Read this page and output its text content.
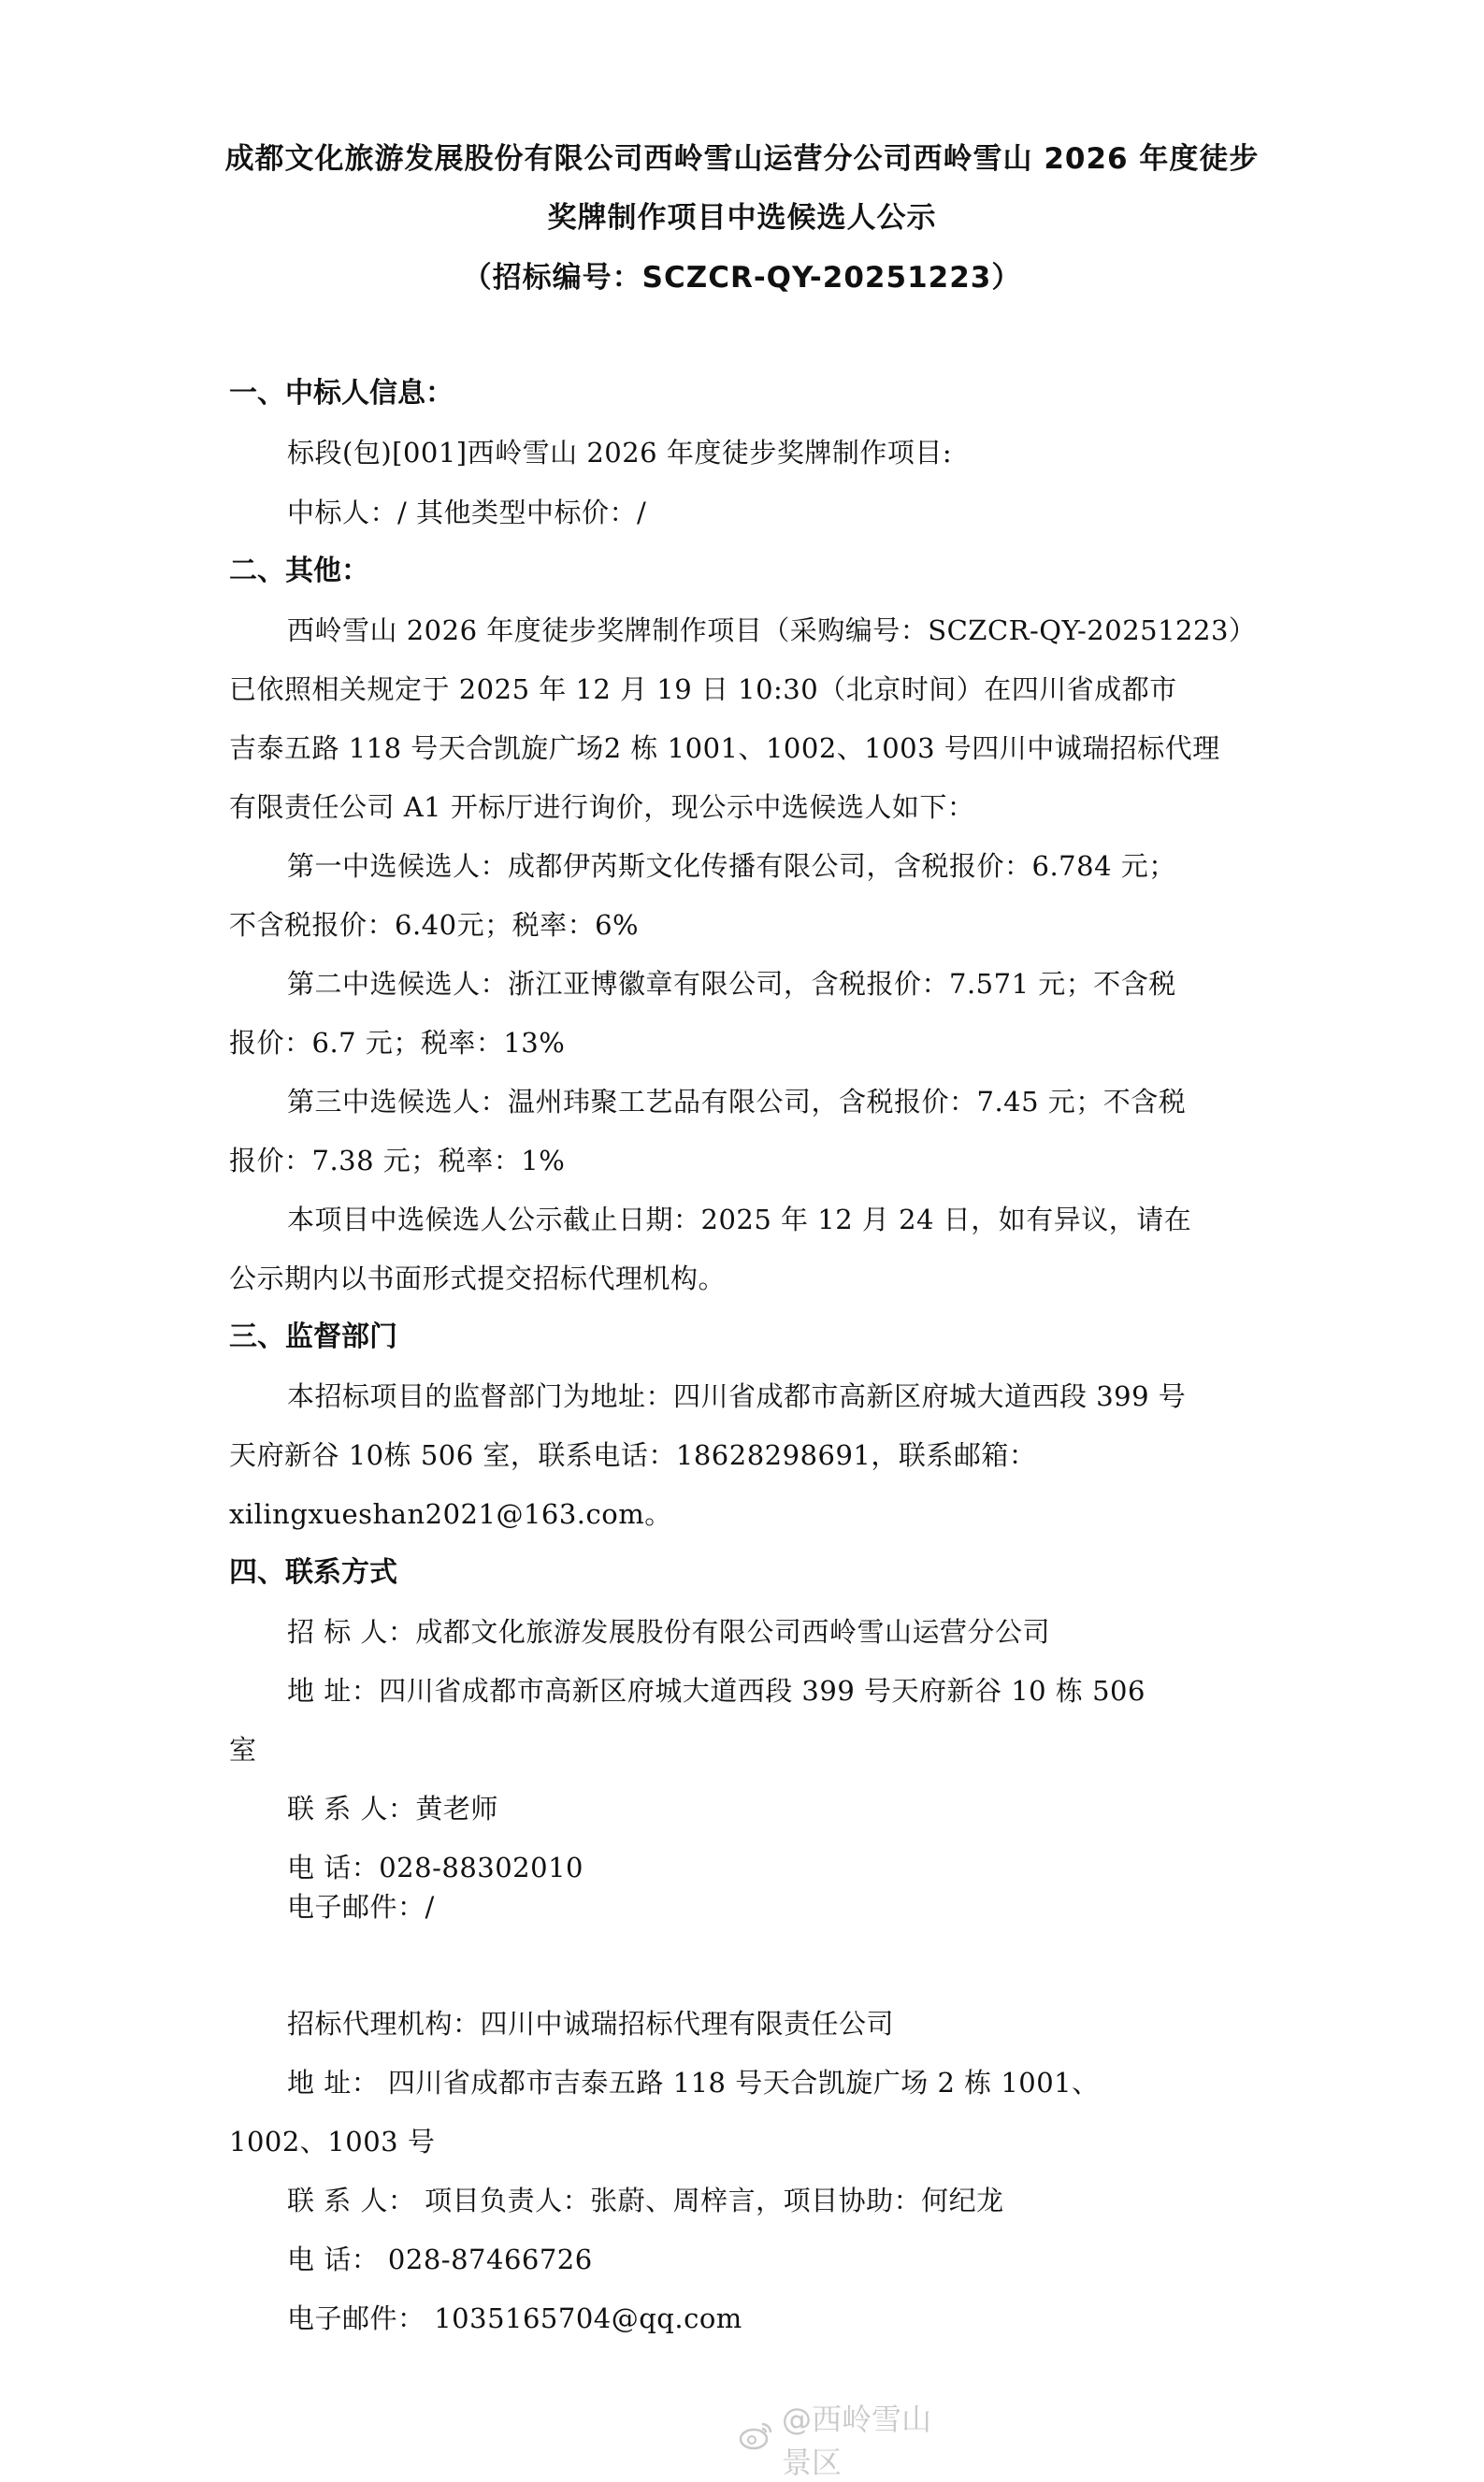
成都文化旅游发展股份有限公司西岭雪山运营分公司西岭雪山 2026 年度徒步
奖牌制作项目中选候选人公示
（招标编号：SCZCR-QY-20251223）
一、中标人信息：
标段(包)[001]西岭雪山 2026 年度徒步奖牌制作项目:
中标人：/ 其他类型中标价：/
二、其他：
西岭雪山 2026 年度徒步奖牌制作项目（采购编号：SCZCR-QY-20251223）
已依照相关规定于 2025 年 12 月 19 日 10:30（北京时间）在四川省成都市
吉泰五路 118 号天合凯旋广场2 栋 1001、1002、1003 号四川中诚瑞招标代理
有限责任公司 A1 开标厅进行询价，现公示中选候选人如下：
第一中选候选人：成都伊芮斯文化传播有限公司，含税报价：6.784 元；
不含税报价：6.40元；税率：6%
第二中选候选人：浙江亚博徽章有限公司，含税报价：7.571 元；不含税
报价：6.7 元；税率：13%
第三中选候选人：温州玮聚工艺品有限公司，含税报价：7.45 元；不含税
报价：7.38 元；税率：1%
本项目中选候选人公示截止日期：2025 年 12 月 24 日，如有异议，请在
公示期内以书面形式提交招标代理机构。
三、监督部门
本招标项目的监督部门为地址：四川省成都市高新区府城大道西段 399 号
天府新谷 10栋 506 室，联系电话：18628298691，联系邮箱：
xilingxueshan2021@163.com。
四、联系方式
招 标 人：成都文化旅游发展股份有限公司西岭雪山运营分公司
地 址：四川省成都市高新区府城大道西段 399 号天府新谷 10 栋 506
室
联 系 人：黄老师
电 话：028-88302010
电子邮件：/
招标代理机构：四川中诚瑞招标代理有限责任公司
地 址： 四川省成都市吉泰五路 118 号天合凯旋广场 2 栋 1001、
1002、1003 号
联 系 人： 项目负责人：张蔚、周梓言，项目协助：何纪龙
电 话： 028-87466726
电子邮件： 1035165704@qq.com
@西岭雪山景区
